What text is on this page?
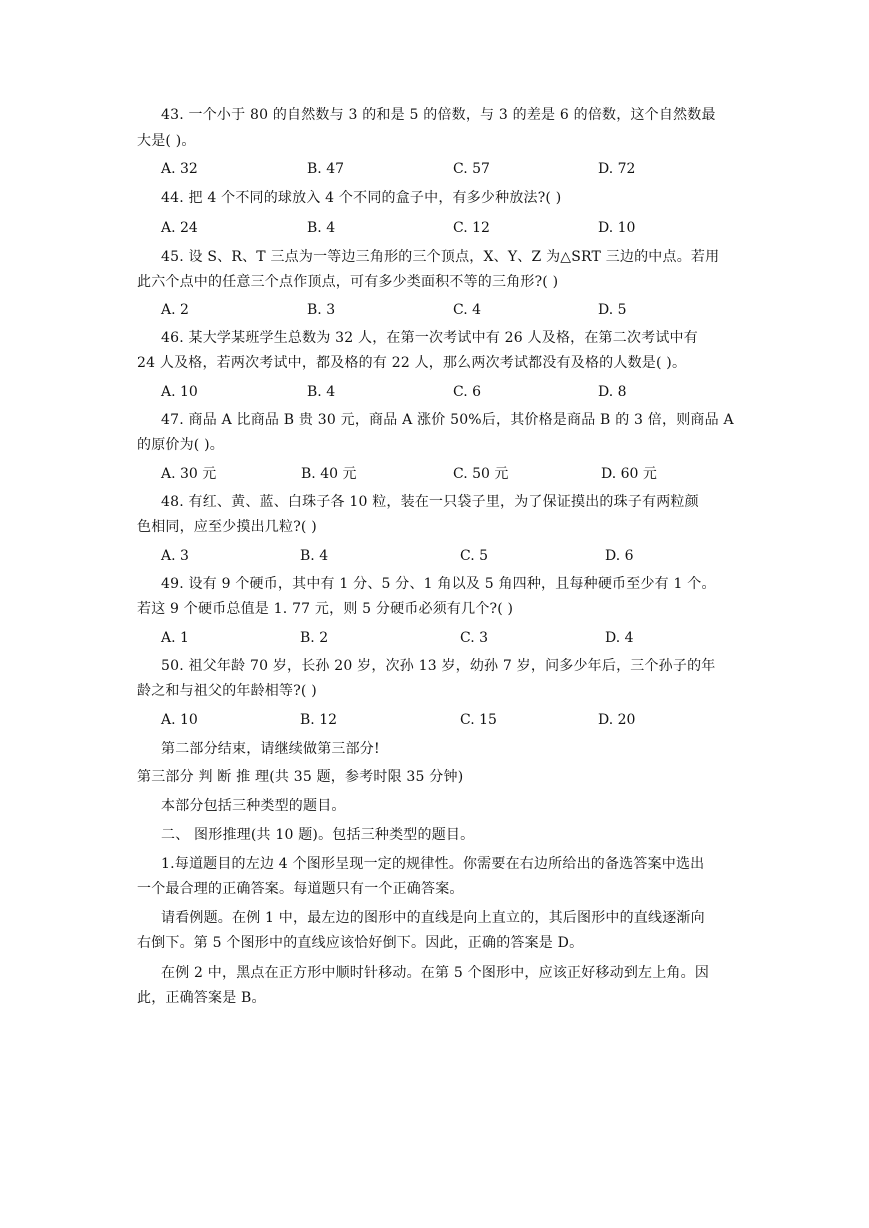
43. 一个小于 80 的自然数与 3 的和是 5 的倍数，与 3 的差是 6 的倍数，这个自然数最
大是( )。
A. 32	B. 47	C. 57	D. 72
44. 把 4 个不同的球放入 4 个不同的盒子中，有多少种放法?( )
A. 24	B. 4	C. 12	D. 10
45. 设 S、R、T 三点为一等边三角形的三个顶点，X、Y、Z 为△SRT 三边的中点。若用
此六个点中的任意三个点作顶点，可有多少类面积不等的三角形?( )
A. 2	B. 3	C. 4	D. 5
46. 某大学某班学生总数为 32 人，在第一次考试中有 26 人及格，在第二次考试中有
24 人及格，若两次考试中，都及格的有 22 人，那么两次考试都没有及格的人数是( )。
A. 10	B. 4	C. 6	D. 8
47. 商品 A 比商品 B 贵 30 元，商品 A 涨价 50%后，其价格是商品 B 的 3 倍，则商品 A
的原价为( )。
A. 30 元	B. 40 元	C. 50 元	D. 60 元
48. 有红、黄、蓝、白珠子各 10 粒，装在一只袋子里，为了保证摸出的珠子有两粒颜
色相同，应至少摸出几粒?( )
A. 3	B. 4	C. 5	D. 6
49. 设有 9 个硬币，其中有 1 分、5 分、1 角以及 5 角四种，且每种硬币至少有 1 个。
若这 9 个硬币总值是 1. 77 元，则 5 分硬币必须有几个?( )
A. 1	B. 2	C. 3	D. 4
50. 祖父年龄 70 岁，长孙 20 岁，次孙 13 岁，幼孙 7 岁，问多少年后，三个孙子的年
龄之和与祖父的年龄相等?( )
A. 10	B. 12	C. 15	D. 20
第二部分结束，请继续做第三部分!
第三部分 判 断 推 理(共 35 题，参考时限 35 分钟)
本部分包括三种类型的题目。
二、 图形推理(共 10 题)。包括三种类型的题目。
1.每道题目的左边 4 个图形呈现一定的规律性。你需要在右边所给出的备选答案中选出
一个最合理的正确答案。每道题只有一个正确答案。
请看例题。在例 1 中，最左边的图形中的直线是向上直立的，其后图形中的直线逐渐向
右倒下。第 5 个图形中的直线应该恰好倒下。因此，正确的答案是 D。
在例 2 中，黑点在正方形中顺时针移动。在第 5 个图形中，应该正好移动到左上角。因
此，正确答案是 B。
